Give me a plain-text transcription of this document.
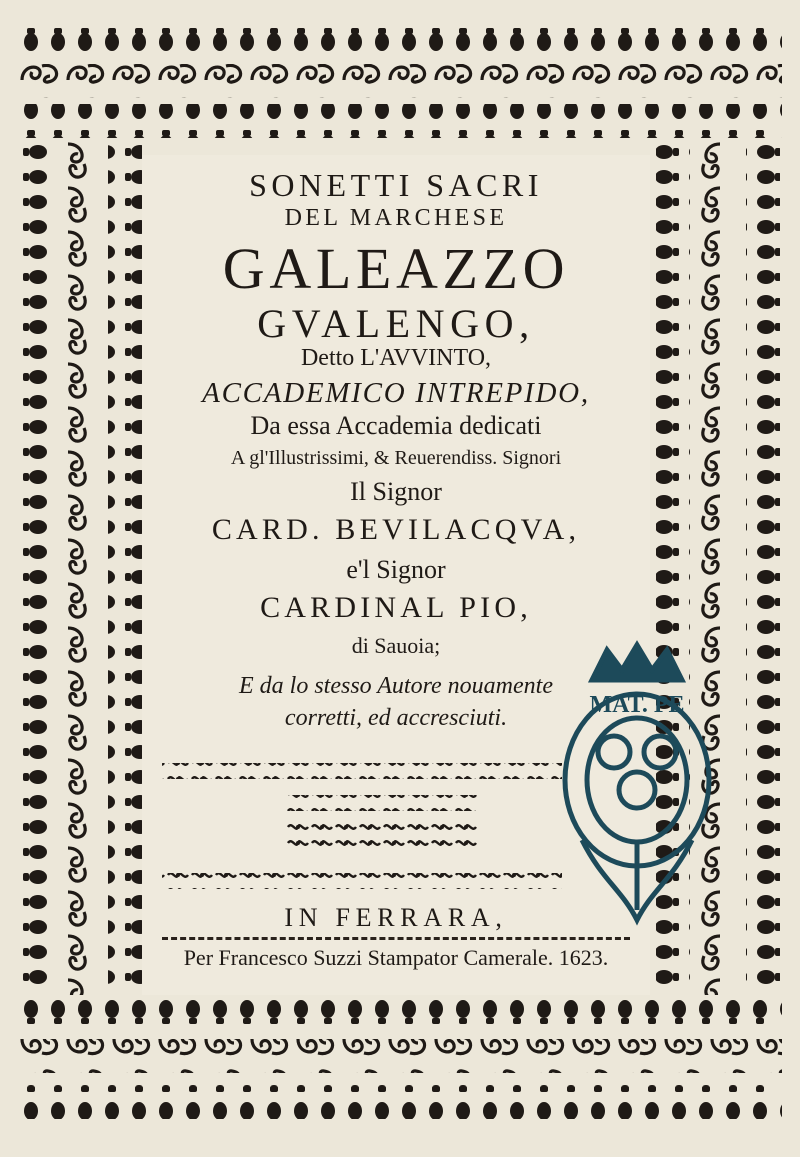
SONETTI SACRI
DEL MARCHESE
GALEAZZO
GVALENGO,
Detto L'AVVINTO,
ACCADEMICO INTREPIDO,
Da essa Accademia dedicati
A gl'Illustrissimi, & Reuerendiss. Signori
Il Signor
CARD. BEVILACQVA,
e'l Signor
CARDINAL PIO,
di Sauoia;
E da lo stesso Autore nouamente
corretti, ed accresciuti.
IN FERRARA,
Per Francesco Suzzi Stampator Camerale. 1623.
MAT. PE
